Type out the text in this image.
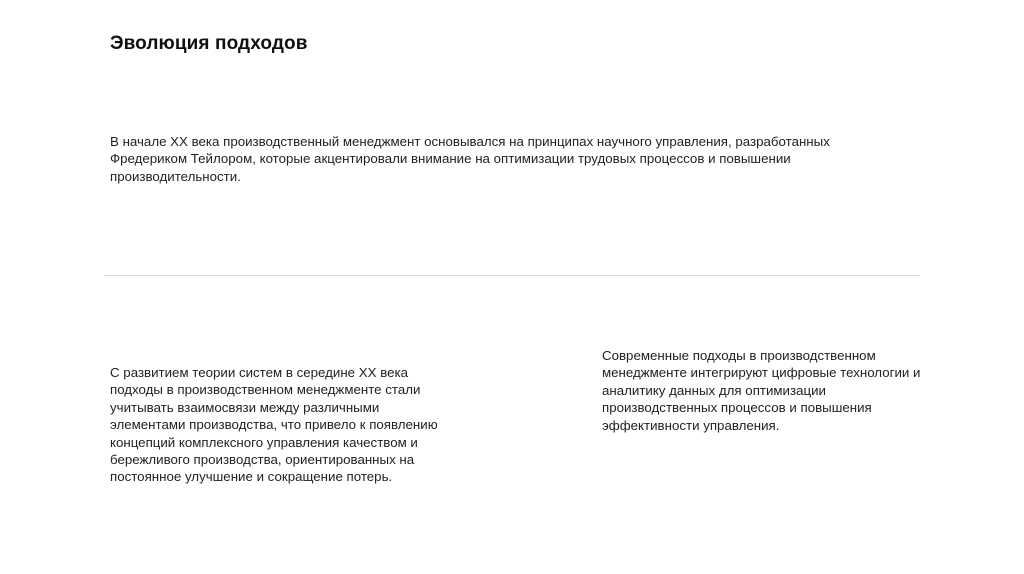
Эволюция подходов
В начале XX века производственный менеджмент основывался на принципах научного управления, разработанных Фредериком Тейлором, которые акцентировали внимание на оптимизации трудовых процессов и повышении производительности.
С развитием теории систем в середине XX века подходы в производственном менеджменте стали учитывать взаимосвязи между различными элементами производства, что привело к появлению концепций комплексного управления качеством и бережливого производства, ориентированных на постоянное улучшение и сокращение потерь.
Современные подходы в производственном менеджменте интегрируют цифровые технологии и аналитику данных для оптимизации производственных процессов и повышения эффективности управления.
